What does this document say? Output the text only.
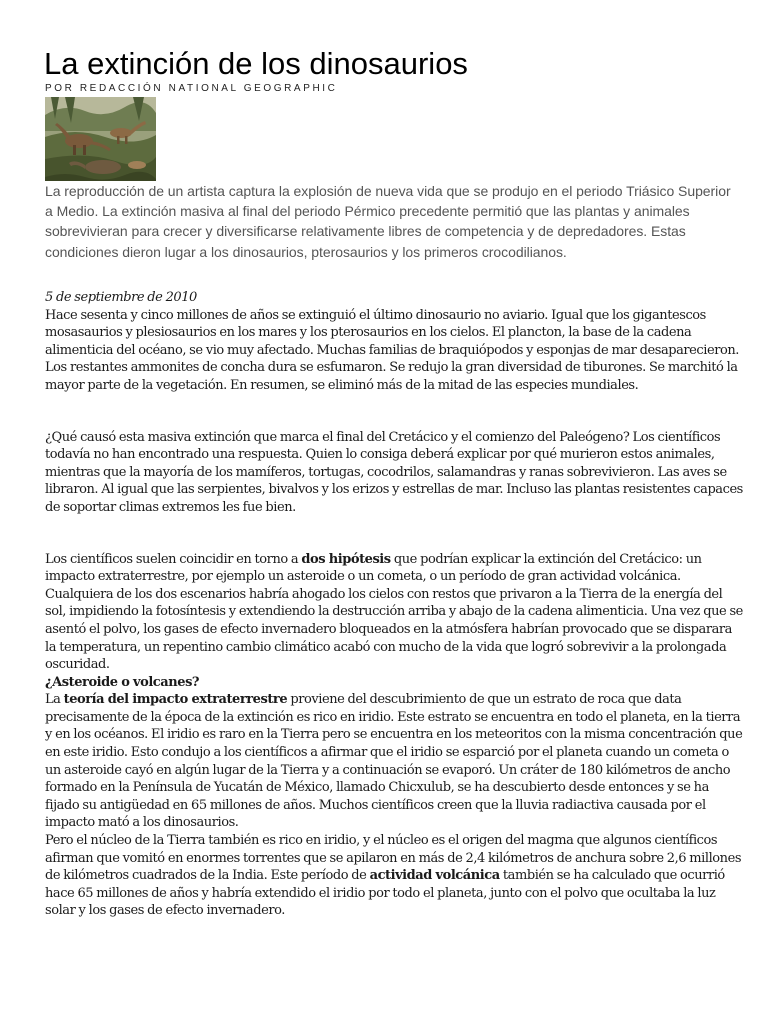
La extinción de los dinosaurios
POR REDACCIÓN NATIONAL GEOGRAPHIC

La reproducción de un artista captura la explosión de nueva vida que se produjo en el periodo Triásico Superior a Medio. La extinción masiva al final del periodo Pérmico precedente permitió que las plantas y animales sobrevivieran para crecer y diversificarse relativamente libres de competencia y de depredadores. Estas condiciones dieron lugar a los dinosaurios, pterosaurios y los primeros crocodilianos.

5 de septiembre de 2010

Hace sesenta y cinco millones de años se extinguió el último dinosaurio no aviario. Igual que los gigantescos mosasaurios y plesiosaurios en los mares y los pterosaurios en los cielos. El plancton, la base de la cadena alimenticia del océano, se vio muy afectado. Muchas familias de braquiópodos y esponjas de mar desaparecieron. Los restantes ammonites de concha dura se esfumaron. Se redujo la gran diversidad de tiburones. Se marchitó la mayor parte de la vegetación. En resumen, se eliminó más de la mitad de las especies mundiales.

¿Qué causó esta masiva extinción que marca el final del Cretácico y el comienzo del Paleógeno? Los científicos todavía no han encontrado una respuesta. Quien lo consiga deberá explicar por qué murieron estos animales, mientras que la mayoría de los mamíferos, tortugas, cocodrilos, salamandras y ranas sobrevivieron. Las aves se libraron. Al igual que las serpientes, bivalvos y los erizos y estrellas de mar. Incluso las plantas resistentes capaces de soportar climas extremos les fue bien.

Los científicos suelen coincidir en torno a dos hipótesis que podrían explicar la extinción del Cretácico: un impacto extraterrestre, por ejemplo un asteroide o un cometa, o un período de gran actividad volcánica. Cualquiera de los dos escenarios habría ahogado los cielos con restos que privaron a la Tierra de la energía del sol, impidiendo la fotosíntesis y extendiendo la destrucción arriba y abajo de la cadena alimenticia. Una vez que se asentó el polvo, los gases de efecto invernadero bloqueados en la atmósfera habrían provocado que se disparara la temperatura, un repentino cambio climático acabó con mucho de la vida que logró sobrevivir a la prolongada oscuridad.

¿Asteroide o volcanes?

La teoría del impacto extraterrestre proviene del descubrimiento de que un estrato de roca que data precisamente de la época de la extinción es rico en iridio. Este estrato se encuentra en todo el planeta, en la tierra y en los océanos. El iridio es raro en la Tierra pero se encuentra en los meteoritos con la misma concentración que en este iridio. Esto condujo a los científicos a afirmar que el iridio se esparció por el planeta cuando un cometa o un asteroide cayó en algún lugar de la Tierra y a continuación se evaporó. Un cráter de 180 kilómetros de ancho formado en la Península de Yucatán de México, llamado Chicxulub, se ha descubierto desde entonces y se ha fijado su antigüedad en 65 millones de años. Muchos científicos creen que la lluvia radiactiva causada por el impacto mató a los dinosaurios.

Pero el núcleo de la Tierra también es rico en iridio, y el núcleo es el origen del magma que algunos científicos afirman que vomitó en enormes torrentes que se apilaron en más de 2,4 kilómetros de anchura sobre 2,6 millones de kilómetros cuadrados de la India. Este período de actividad volcánica también se ha calculado que ocurrió hace 65 millones de años y habría extendido el iridio por todo el planeta, junto con el polvo que ocultaba la luz solar y los gases de efecto invernadero.
